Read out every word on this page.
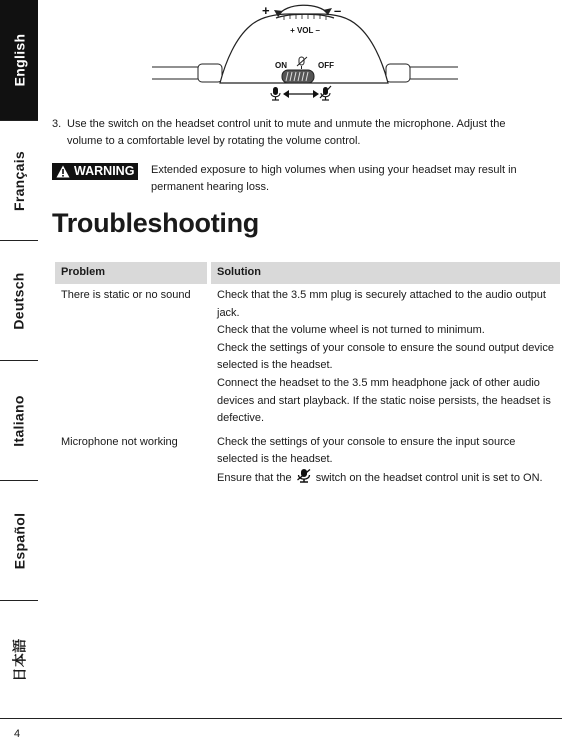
English
Français
Deutsch
Italiano
Español
日本語
+	–
+ VOL –
ON	OFF
3. Use the switch on the headset control unit to mute and unmute the microphone. Adjust the volume to a comfortable level by rotating the volume control.
WARNING Extended exposure to high volumes when using your headset may result in permanent hearing loss.
Troubleshooting
Problem	Solution
There is static or no sound	Check that the 3.5 mm plug is securely attached to the audio output jack.
Check that the volume wheel is not turned to minimum.
Check the settings of your console to ensure the sound output device selected is the headset.
Connect the headset to the 3.5 mm headphone jack of other audio devices and start playback. If the static noise persists, the headset is defective.

Microphone not working	Check the settings of your console to ensure the input source selected is the headset.
Ensure that the switch on the headset control unit is set to ON.
4
